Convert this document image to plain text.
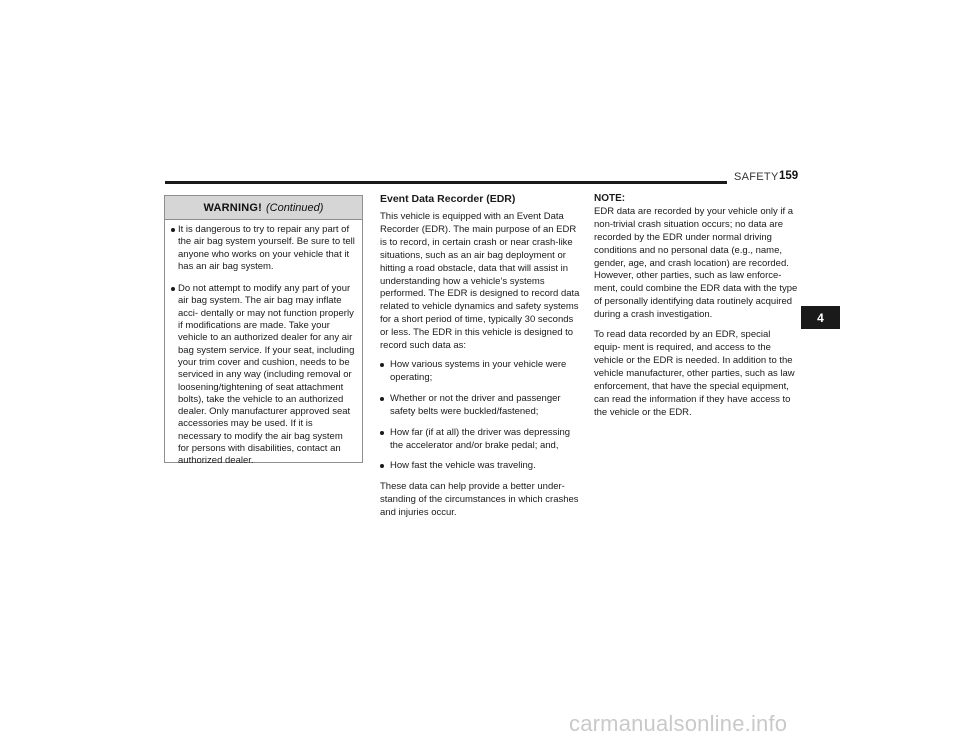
SAFETY 159
4
WARNING! (Continued)
It is dangerous to try to repair any part of the air bag system yourself. Be sure to tell anyone who works on your vehicle that it has an air bag system.
Do not attempt to modify any part of your air bag system. The air bag may inflate acci- dentally or may not function properly if modifications are made. Take your vehicle to an authorized dealer for any air bag system service. If your seat, including your trim cover and cushion, needs to be serviced in any way (including removal or loosening/tightening of seat attachment bolts), take the vehicle to an authorized dealer. Only manufacturer approved seat accessories may be used. If it is necessary to modify the air bag system for persons with disabilities, contact an authorized dealer.
Event Data Recorder (EDR)

This vehicle is equipped with an Event Data Recorder (EDR). The main purpose of an EDR is to record, in certain crash or near crash-like situations, such as an air bag deployment or hitting a road obstacle, data that will assist in understanding how a vehicle’s systems performed. The EDR is designed to record data related to vehicle dynamics and safety systems for a short period of time, typically 30 seconds or less. The EDR in this vehicle is designed to record such data as:

How various systems in your vehicle were operating;
Whether or not the driver and passenger safety belts were buckled/fastened;
How far (if at all) the driver was depressing the accelerator and/or brake pedal; and,
How fast the vehicle was traveling.

These data can help provide a better under- standing of the circumstances in which crashes and injuries occur.

NOTE:

EDR data are recorded by your vehicle only if a non-trivial crash situation occurs; no data are recorded by the EDR under normal driving conditions and no personal data (e.g., name, gender, age, and crash location) are recorded. However, other parties, such as law enforce- ment, could combine the EDR data with the type of personally identifying data routinely acquired during a crash investigation.

To read data recorded by an EDR, special equip- ment is required, and access to the vehicle or the EDR is needed. In addition to the vehicle manufacturer, other parties, such as law enforcement, that have the special equipment, can read the information if they have access to the vehicle or the EDR.

carmanualsonline.info
